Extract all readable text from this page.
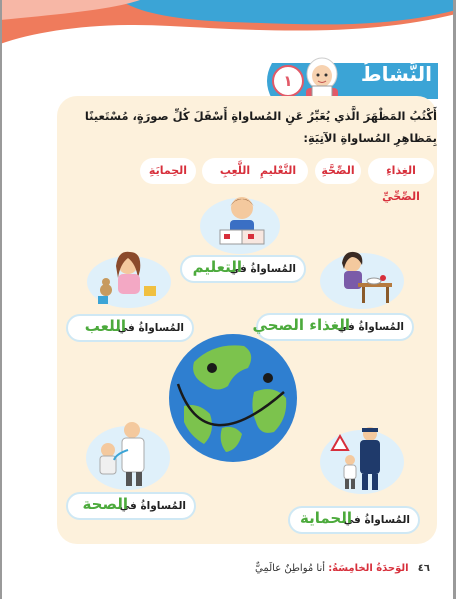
١	النَّشاطُ
أَكْتُبُ المَظْهَرَ الَّذي يُعَبِّرُ عَنِ المُساواةِ أَسْفَلَ كُلِّ صورَةٍ، مُسْتَعينًا بِمَظاهِرِ المُساواةِ الآتِيَةِ:
الغِذاءِ الصِّحِّيِّ
الصِّحَّةِ
التَّعْليمِ اللَّعِبِ
الحِمايَةِ
المُساواةُ في
التعليم
المُساواةُ في
الغذاء الصحي
المُساواةُ في
اللعب
المُساواةُ في
الصحة
المُساواةُ في
الحماية
٤٦ الوَحدَةُ الخامِسَةُ: أنا مُواطِنٌ عالَمِيٌّ
